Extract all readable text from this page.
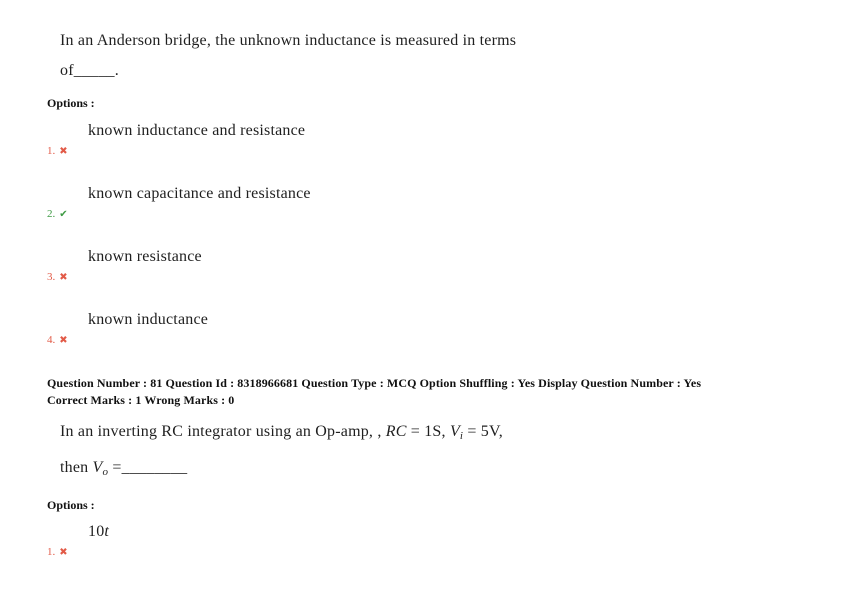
In an Anderson bridge, the unknown inductance is measured in terms
of_____.
Options :
known inductance and resistance
1. ✖
known capacitance and resistance
2. ✔
known resistance
3. ✖
known inductance
4. ✖
Question Number : 81 Question Id : 8318966681 Question Type : MCQ Option Shuffling : Yes Display Question Number : Yes
Correct Marks : 1 Wrong Marks : 0
In an inverting RC integrator using an Op-amp, , RC = 1S, $V_i = 5V$,
then $V_o$ =________
Options :
10t
1. ✖
